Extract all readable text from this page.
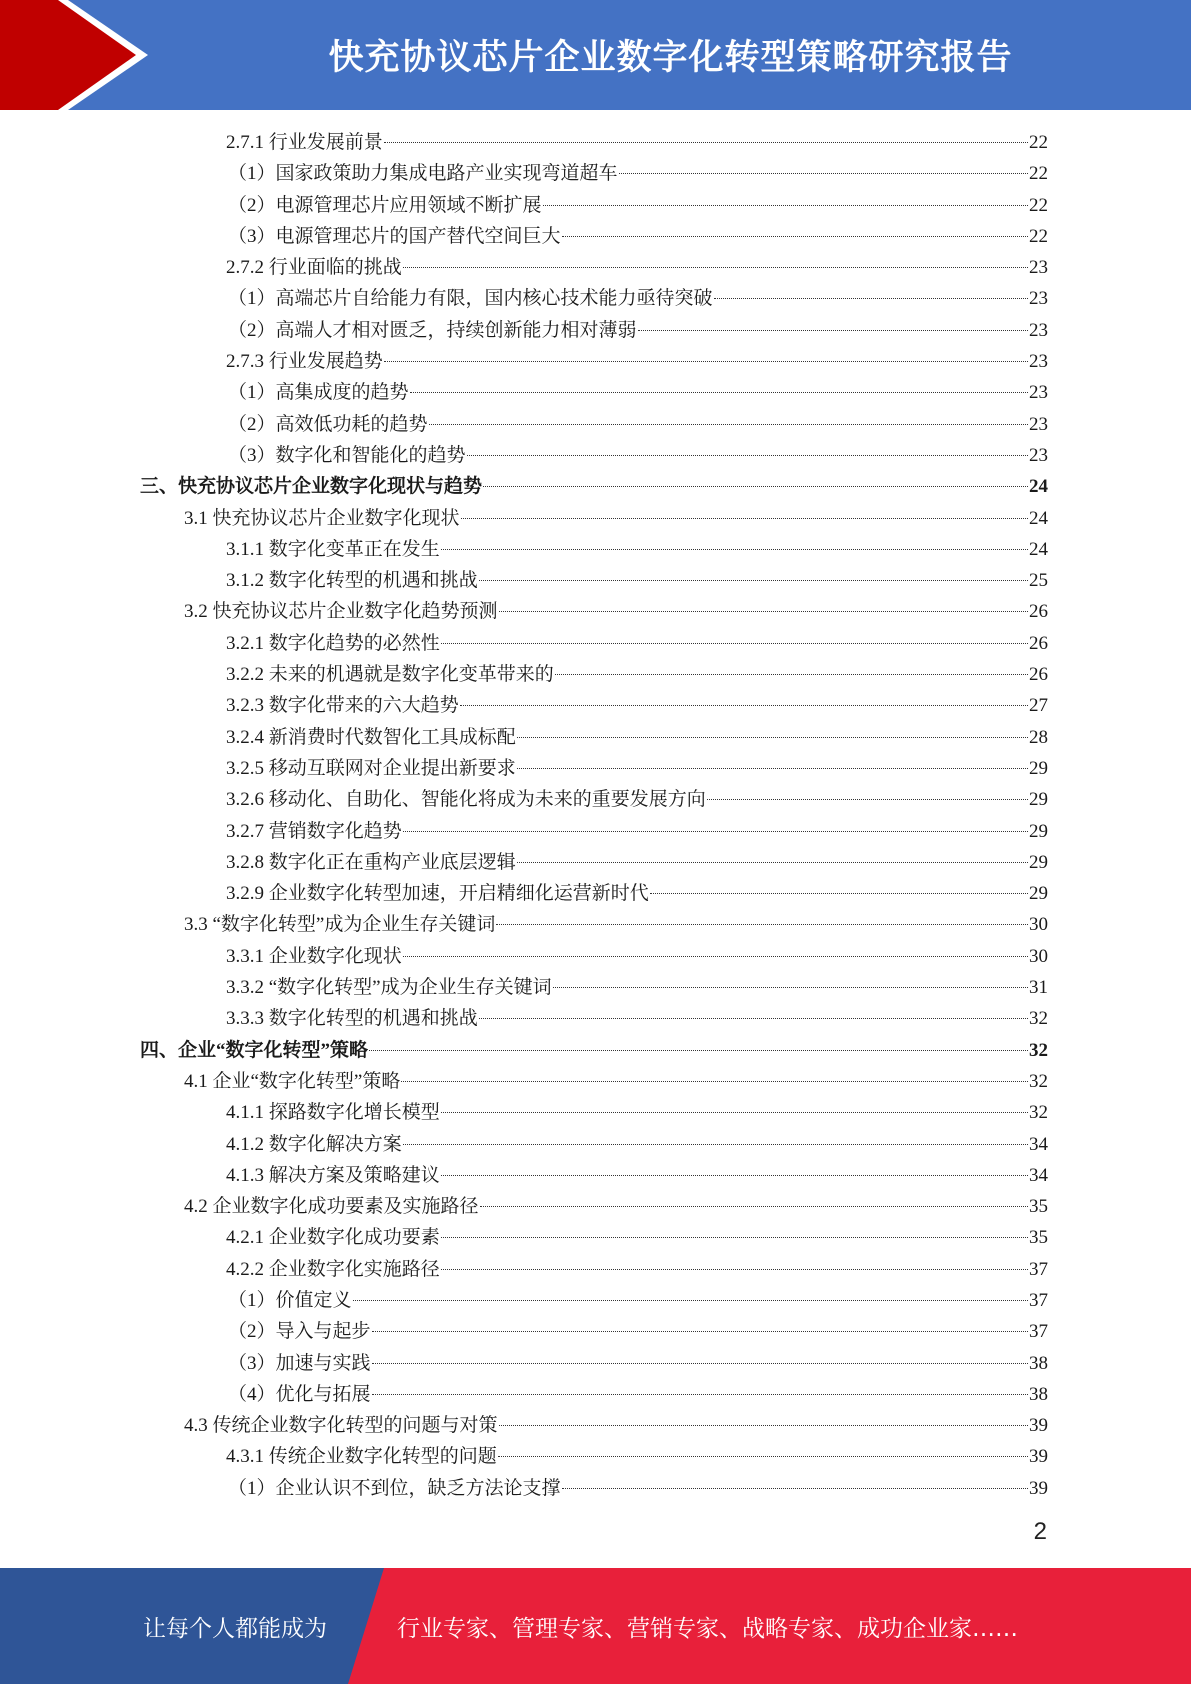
快充协议芯片企业数字化转型策略研究报告
2.7.1 行业发展前景	22
（1）国家政策助力集成电路产业实现弯道超车	22
（2）电源管理芯片应用领域不断扩展	22
（3）电源管理芯片的国产替代空间巨大	22
2.7.2 行业面临的挑战	23
（1）高端芯片自给能力有限，国内核心技术能力亟待突破	23
（2）高端人才相对匮乏，持续创新能力相对薄弱	23
2.7.3 行业发展趋势	23
（1）高集成度的趋势	23
（2）高效低功耗的趋势	23
（3）数字化和智能化的趋势	23
三、快充协议芯片企业数字化现状与趋势	24
3.1 快充协议芯片企业数字化现状	24
3.1.1 数字化变革正在发生	24
3.1.2 数字化转型的机遇和挑战	25
3.2 快充协议芯片企业数字化趋势预测	26
3.2.1 数字化趋势的必然性	26
3.2.2 未来的机遇就是数字化变革带来的	26
3.2.3 数字化带来的六大趋势	27
3.2.4 新消费时代数智化工具成标配	28
3.2.5 移动互联网对企业提出新要求	29
3.2.6 移动化、自助化、智能化将成为未来的重要发展方向	29
3.2.7 营销数字化趋势	29
3.2.8 数字化正在重构产业底层逻辑	29
3.2.9 企业数字化转型加速，开启精细化运营新时代	29
3.3 “数字化转型”成为企业生存关键词	30
3.3.1 企业数字化现状	30
3.3.2 “数字化转型”成为企业生存关键词	31
3.3.3 数字化转型的机遇和挑战	32
四、企业“数字化转型”策略	32
4.1 企业“数字化转型”策略	32
4.1.1 探路数字化增长模型	32
4.1.2 数字化解决方案	34
4.1.3 解决方案及策略建议	34
4.2 企业数字化成功要素及实施路径	35
4.2.1 企业数字化成功要素	35
4.2.2 企业数字化实施路径	37
（1）价值定义	37
（2）导入与起步	37
（3）加速与实践	38
（4）优化与拓展	38
4.3 传统企业数字化转型的问题与对策	39
4.3.1 传统企业数字化转型的问题	39
（1）企业认识不到位，缺乏方法论支撑	39
2
让每个人都能成为	行业专家、管理专家、营销专家、战略专家、成功企业家……
